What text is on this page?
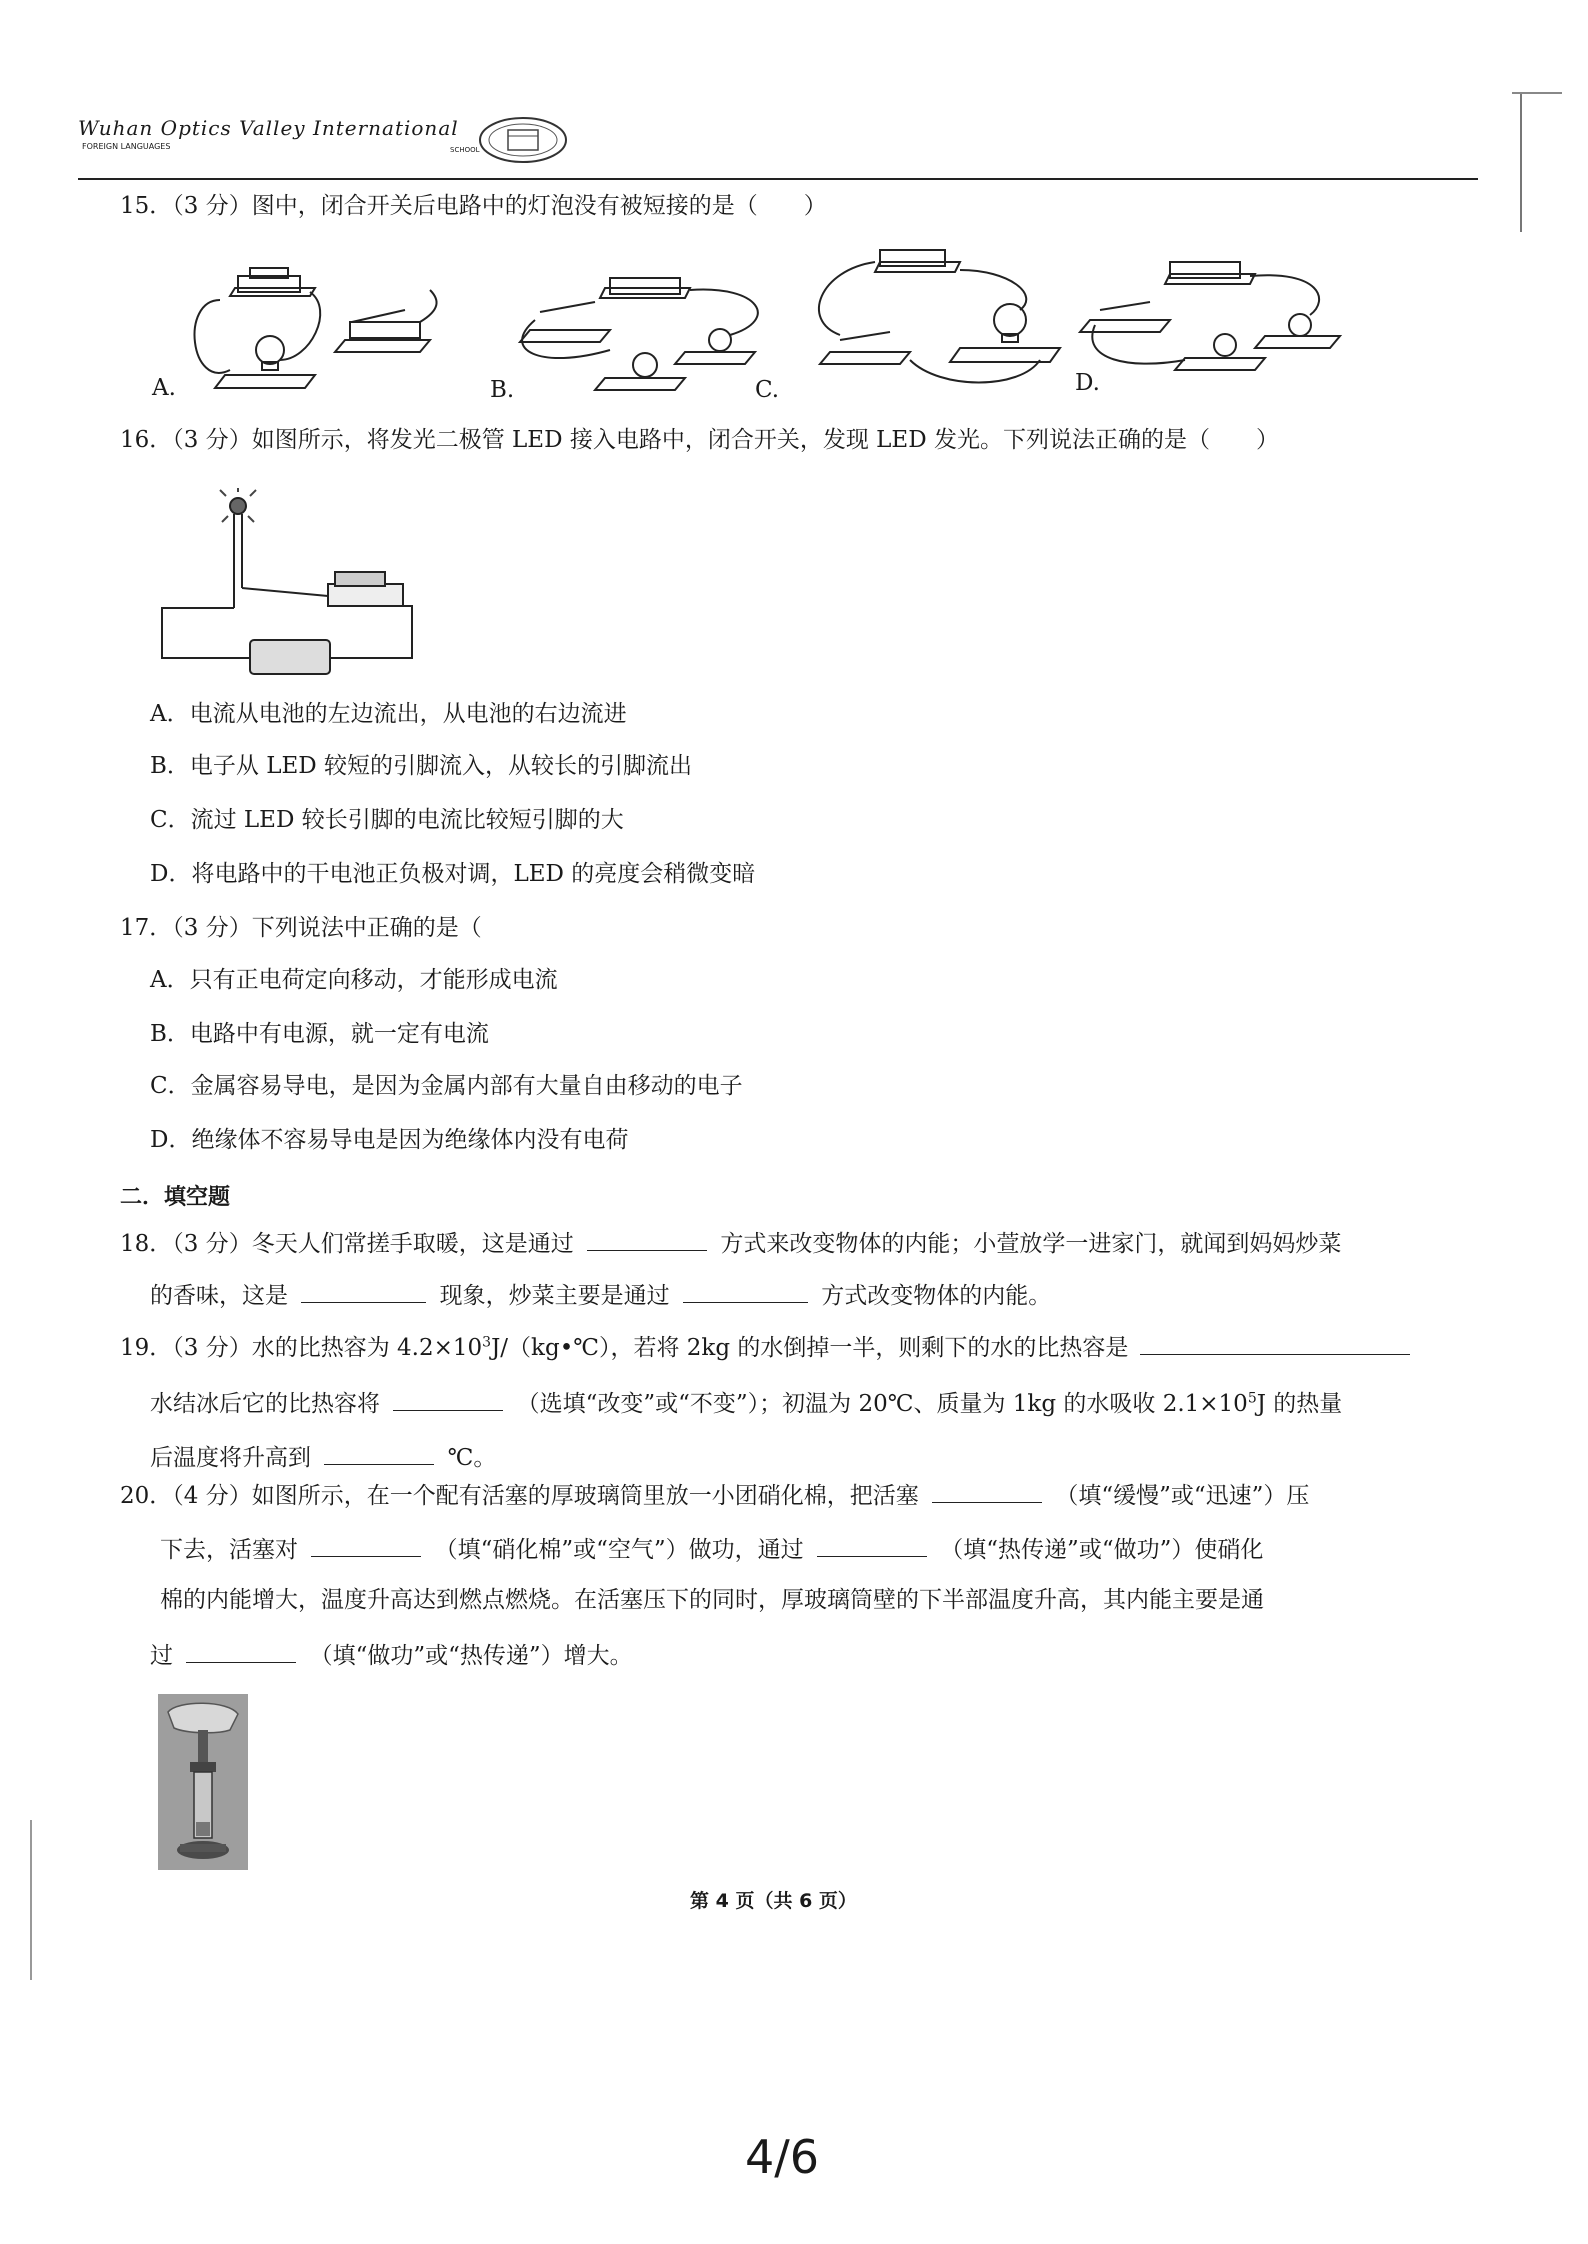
Wuhan Optics Valley International
FOREIGN LANGUAGES	SCHOOL
15．（3 分）图中，闭合开关后电路中的灯泡没有被短接的是（　　）
A.	B.	C.	D.
16．（3 分）如图所示，将发光二极管 LED 接入电路中，闭合开关，发现 LED 发光。下列说法正确的是（　　）
A．电流从电池的左边流出，从电池的右边流进
B．电子从 LED 较短的引脚流入，从较长的引脚流出
C．流过 LED 较长引脚的电流比较短引脚的大
D．将电路中的干电池正负极对调，LED 的亮度会稍微变暗
17．（3 分）下列说法中正确的是（
A．只有正电荷定向移动，才能形成电流
B．电路中有电源，就一定有电流
C．金属容易导电，是因为金属内部有大量自由移动的电子
D．绝缘体不容易导电是因为绝缘体内没有电荷
二．填空题
18．（3 分）冬天人们常搓手取暖，这是通过	方式来改变物体的内能；小萱放学一进家门，就闻到妈妈炒菜
的香味，这是	现象，炒菜主要是通过	方式改变物体的内能。
19．（3 分）水的比热容为 $4.2\times 10^3J/(kg•℃)$，若将 2kg 的水倒掉一半，则剩下的水的比热容是
水结冰后它的比热容将	（选填“改变”或“不变”）；初温为 20℃、质量为 1kg 的水吸收 $2.1\times 10^5J$ 的热量
后温度将升高到	℃。
20．（4 分）如图所示，在一个配有活塞的厚玻璃筒里放一小团硝化棉，把活塞	（填“缓慢”或“迅速”）压
下去，活塞对	（填“硝化棉”或“空气”）做功，通过	（填“热传递”或“做功”）使硝化
棉的内能增大，温度升高达到燃点燃烧。在活塞压下的同时，厚玻璃筒壁的下半部温度升高，其内能主要是通
过	（填“做功”或“热传递”）增大。
第 4 页（共 6 页）
4/6
